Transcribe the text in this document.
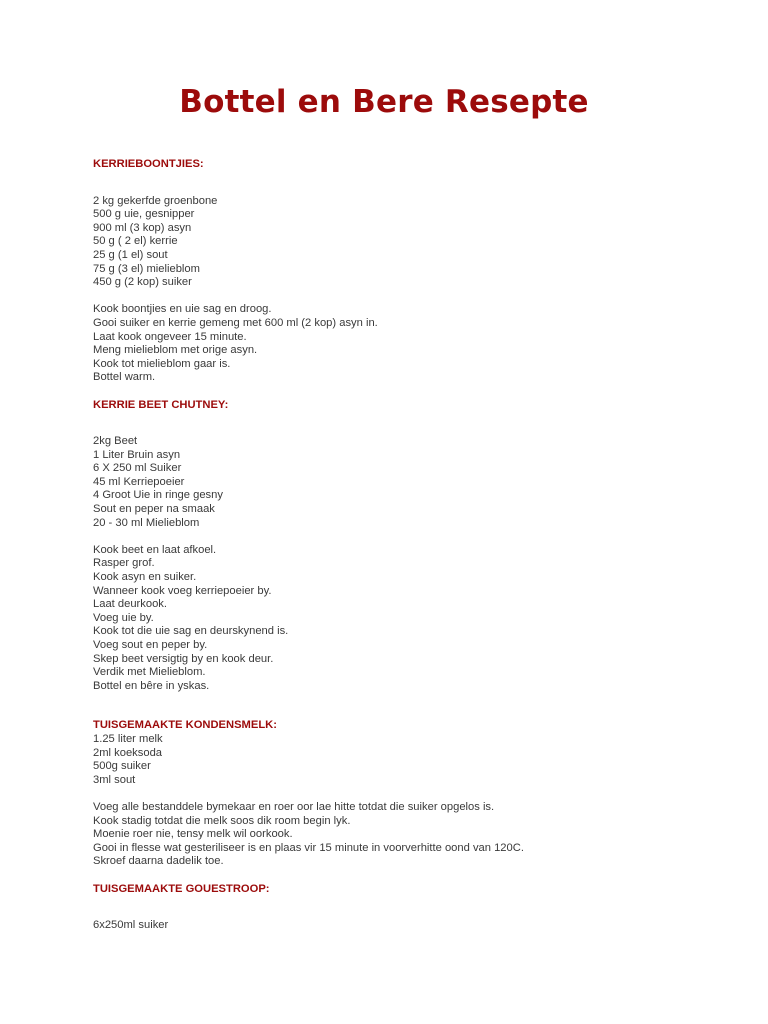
Bottel en Bere Resepte
KERRIEBOONTJIES:
2 kg gekerfde groenbone
500 g uie, gesnipper
900 ml (3 kop) asyn
50 g ( 2 el) kerrie
25 g (1 el) sout
75 g (3 el) mielieblom
450 g (2 kop) suiker
Kook boontjies en uie sag en droog.
Gooi suiker en kerrie gemeng met 600 ml (2 kop) asyn in.
Laat kook ongeveer 15 minute.
Meng mielieblom met orige asyn.
Kook tot mielieblom gaar is.
Bottel warm.
KERRIE BEET CHUTNEY:
2kg Beet
1 Liter Bruin asyn
6 X 250 ml Suiker
45 ml Kerriepoeier
4 Groot Uie in ringe gesny
Sout en peper na smaak
20 - 30 ml Mielieblom
Kook beet en laat afkoel.
Rasper grof.
Kook asyn en suiker.
Wanneer kook voeg kerriepoeier by.
Laat deurkook.
Voeg uie by.
Kook tot die uie sag en deurskynend is.
Voeg sout en peper by.
Skep beet versigtig by en kook deur.
Verdik met Mielieblom.
Bottel en bêre in yskas.
TUISGEMAAKTE KONDENSMELK:
1.25 liter melk
2ml koeksoda
500g suiker
3ml sout
Voeg alle bestanddele bymekaar en roer oor lae hitte totdat die suiker opgelos is.
Kook stadig totdat die melk soos dik room begin lyk.
Moenie roer nie, tensy melk wil oorkook.
Gooi in flesse wat gesteriliseer is en plaas vir 15 minute in voorverhitte oond van 120C.
Skroef daarna dadelik toe.
TUISGEMAAKTE GOUESTROOP:
6x250ml suiker
